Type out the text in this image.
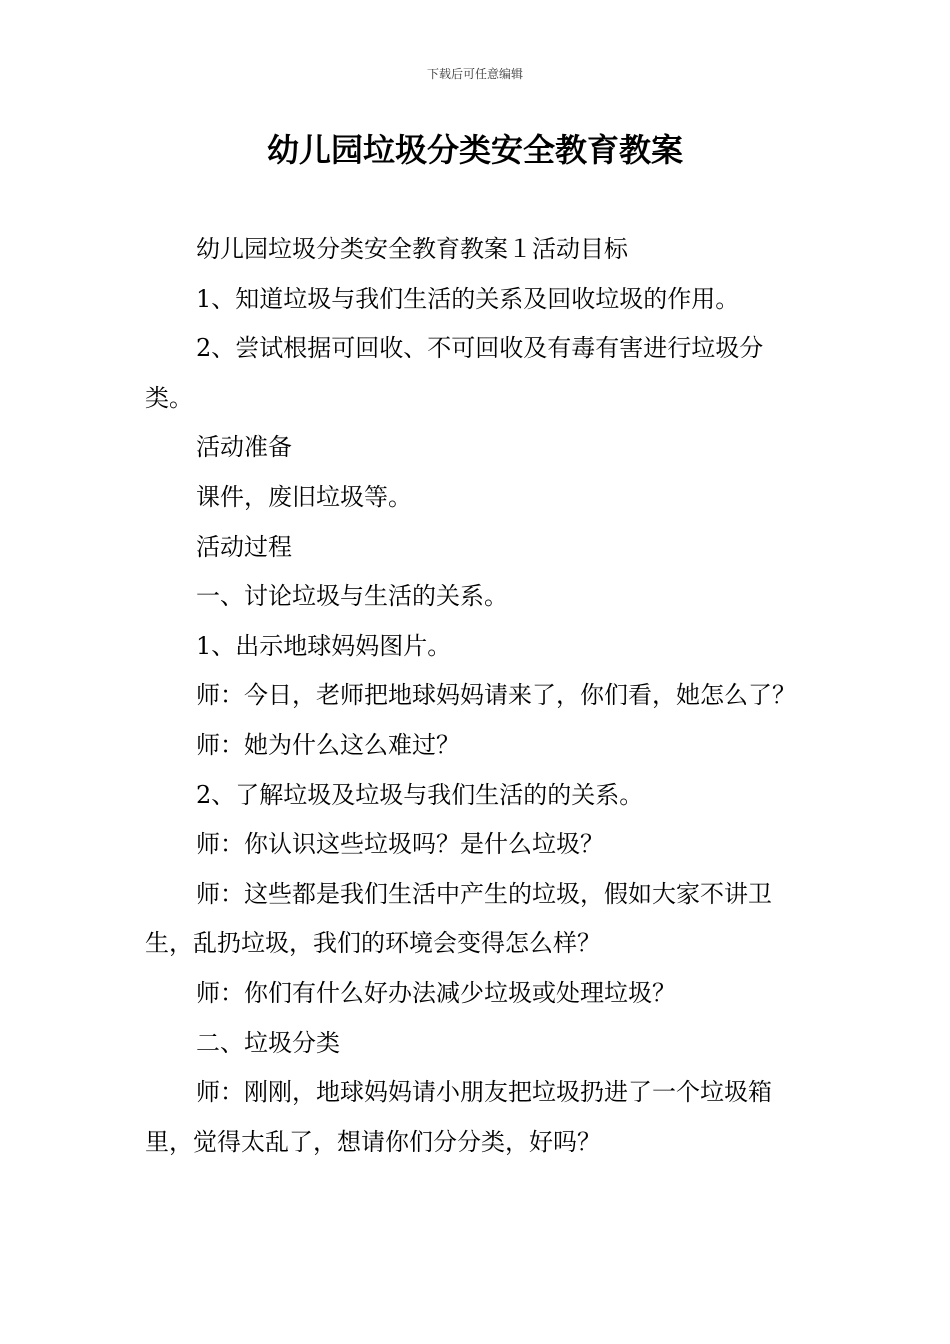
下载后可任意编辑
幼儿园垃圾分类安全教育教案

幼儿园垃圾分类安全教育教案１活动目标

1、知道垃圾与我们生活的关系及回收垃圾的作用。

2、尝试根据可回收、不可回收及有毒有害进行垃圾分类。

活动准备

课件，废旧垃圾等。

活动过程

一、讨论垃圾与生活的关系。

1、出示地球妈妈图片。

师：今日，老师把地球妈妈请来了，你们看，她怎么了？

师：她为什么这么难过？

2、了解垃圾及垃圾与我们生活的的关系。

师：你认识这些垃圾吗？是什么垃圾？

师：这些都是我们生活中产生的垃圾，假如大家不讲卫生，乱扔垃圾，我们的环境会变得怎么样？

师：你们有什么好办法减少垃圾或处理垃圾？

二、垃圾分类

师：刚刚，地球妈妈请小朋友把垃圾扔进了一个垃圾箱里，觉得太乱了，想请你们分分类，好吗？
